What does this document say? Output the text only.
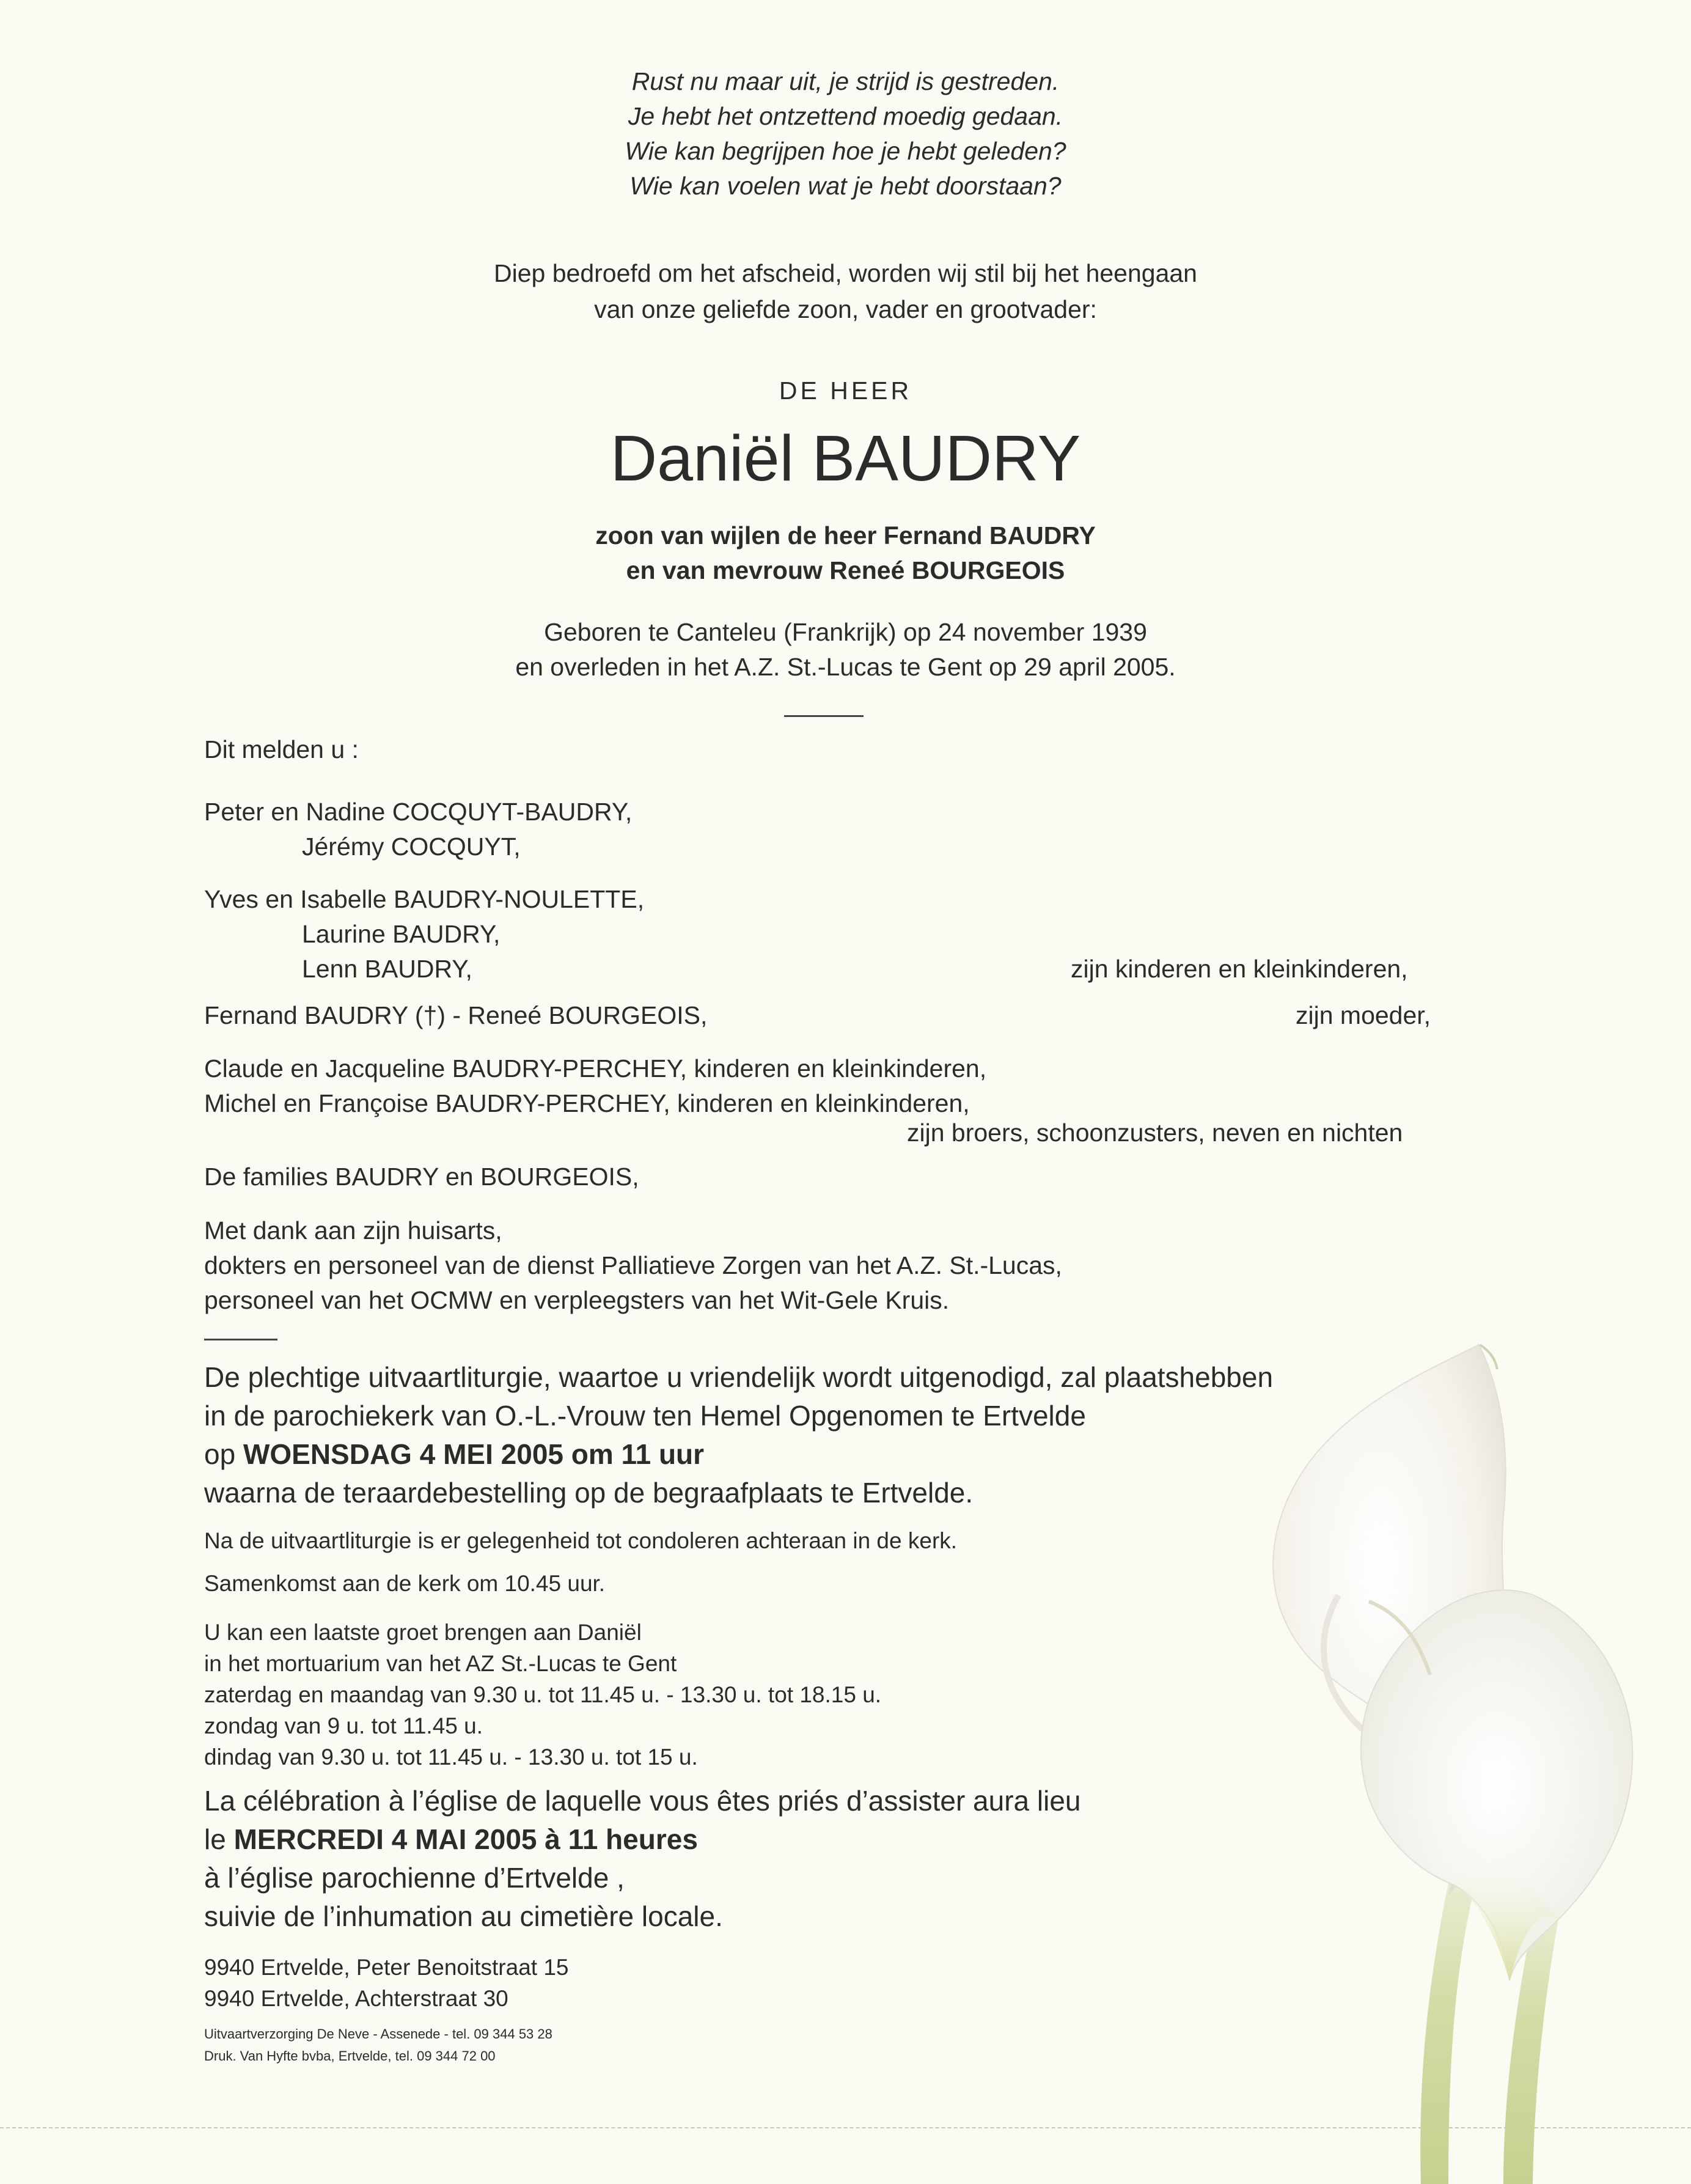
Rust nu maar uit, je strijd is gestreden.
Je hebt het ontzettend moedig gedaan.
Wie kan begrijpen hoe je hebt geleden?
Wie kan voelen wat je hebt doorstaan?
Diep bedroefd om het afscheid, worden wij stil bij het heengaan
van onze geliefde zoon, vader en grootvader:
DE HEER
Daniël BAUDRY
zoon van wijlen de heer Fernand BAUDRY
en van mevrouw Reneé BOURGEOIS
Geboren te Canteleu (Frankrijk) op 24 november 1939
en overleden in het A.Z. St.-Lucas te Gent op 29 april 2005.
Dit melden u :
Peter en Nadine COCQUYT-BAUDRY,
Jérémy COCQUYT,
Yves en Isabelle BAUDRY-NOULETTE,
Laurine BAUDRY,
Lenn BAUDRY,	zijn kinderen en kleinkinderen,
Fernand BAUDRY (†) - Reneé BOURGEOIS,	zijn moeder,
Claude en Jacqueline BAUDRY-PERCHEY, kinderen en kleinkinderen,
Michel en Françoise BAUDRY-PERCHEY, kinderen en kleinkinderen,
zijn broers, schoonzusters, neven en nichten
De families BAUDRY en BOURGEOIS,
Met dank aan zijn huisarts,
dokters en personeel van de dienst Palliatieve Zorgen van het A.Z. St.-Lucas,
personeel van het OCMW en verpleegsters van het Wit-Gele Kruis.
De plechtige uitvaartliturgie, waartoe u vriendelijk wordt uitgenodigd, zal plaatshebben
in de parochiekerk van O.-L.-Vrouw ten Hemel Opgenomen te Ertvelde
op WOENSDAG 4 MEI 2005 om 11 uur
waarna de teraardebestelling op de begraafplaats te Ertvelde.
Na de uitvaartliturgie is er gelegenheid tot condoleren achteraan in de kerk.
Samenkomst aan de kerk om 10.45 uur.
U kan een laatste groet brengen aan Daniël
in het mortuarium van het AZ St.-Lucas te Gent
zaterdag en maandag van 9.30 u. tot 11.45 u. - 13.30 u. tot 18.15 u.
zondag van 9 u. tot 11.45 u.
dindag van 9.30 u. tot 11.45 u. - 13.30 u. tot 15 u.
La célébration à l’église de laquelle vous êtes priés d’assister aura lieu
le MERCREDI 4 MAI 2005 à 11 heures
à l’église parochienne d’Ertvelde ,
suivie de l’inhumation au cimetière locale.
9940 Ertvelde, Peter Benoitstraat 15
9940 Ertvelde, Achterstraat 30
Uitvaartverzorging De Neve - Assenede - tel. 09 344 53 28
Druk. Van Hyfte bvba, Ertvelde, tel. 09 344 72 00
